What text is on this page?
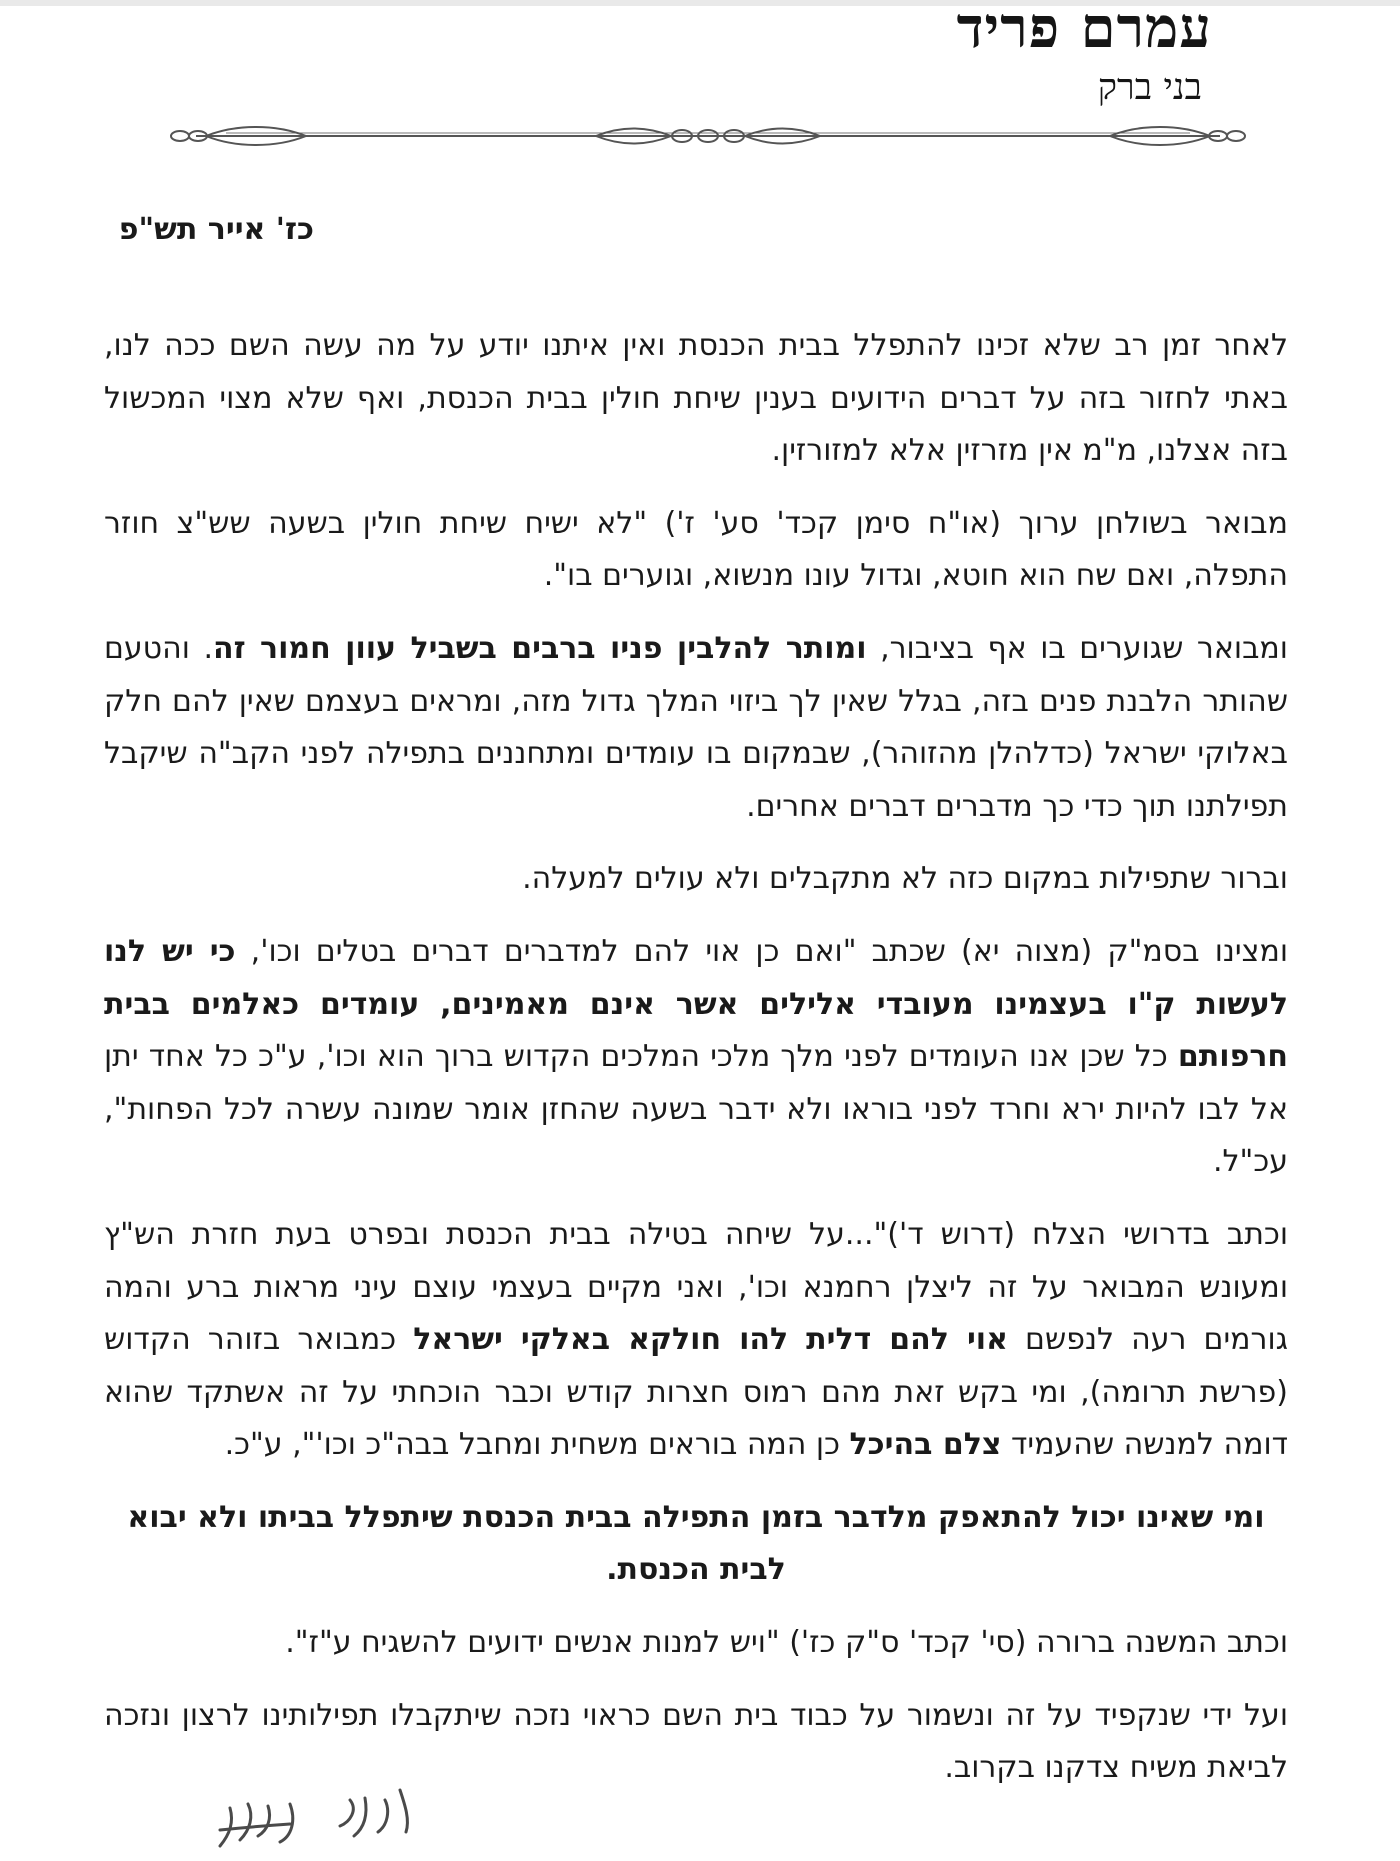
עמרם פריד
בני ברק
כז' אייר תש"פ

לאחר זמן רב שלא זכינו להתפלל בבית הכנסת ואין איתנו יודע על מה עשה השם ככה לנו, באתי לחזור בזה על דברים הידועים בענין שיחת חולין בבית הכנסת, ואף שלא מצוי המכשול בזה אצלנו, מ"מ אין מזרזין אלא למזורזין.

מבואר בשולחן ערוך (או"ח סימן קכד' סע' ז') "לא ישיח שיחת חולין בשעה שש"צ חוזר התפלה, ואם שח הוא חוטא, וגדול עונו מנשוא, וגוערים בו".

ומבואר שגוערים בו אף בציבור, ומותר להלבין פניו ברבים בשביל עוון חמור זה. והטעם שהותר הלבנת פנים בזה, בגלל שאין לך ביזוי המלך גדול מזה, ומראים בעצמם שאין להם חלק באלוקי ישראל (כדלהלן מהזוהר), שבמקום בו עומדים ומתחננים בתפילה לפני הקב"ה שיקבל תפילתנו תוך כדי כך מדברים דברים אחרים.

וברור שתפילות במקום כזה לא מתקבלים ולא עולים למעלה.

ומצינו בסמ"ק (מצוה יא) שכתב "ואם כן אוי להם למדברים דברים בטלים וכו', כי יש לנו לעשות ק"ו בעצמינו מעובדי אלילים אשר אינם מאמינים, עומדים כאלמים בבית חרפותם כל שכן אנו העומדים לפני מלך מלכי המלכים הקדוש ברוך הוא וכו', ע"כ כל אחד יתן אל לבו להיות ירא וחרד לפני בוראו ולא ידבר בשעה שהחזן אומר שמונה עשרה לכל הפחות", עכ"ל.

וכתב בדרושי הצלח (דרוש ד')"...על שיחה בטילה בבית הכנסת ובפרט בעת חזרת הש"ץ ומעונש המבואר על זה ליצלן רחמנא וכו', ואני מקיים בעצמי עוצם עיני מראות ברע והמה גורמים רעה לנפשם אוי להם דלית להו חולקא באלקי ישראל כמבואר בזוהר הקדוש (פרשת תרומה), ומי בקש זאת מהם רמוס חצרות קודש וכבר הוכחתי על זה אשתקד שהוא דומה למנשה שהעמיד צלם בהיכל כן המה בוראים משחית ומחבל בבה"כ וכו'", ע"כ.

ומי שאינו יכול להתאפק מלדבר בזמן התפילה בבית הכנסת שיתפלל בביתו ולא יבוא לבית הכנסת.

וכתב המשנה ברורה (סי' קכד' ס"ק כז') "ויש למנות אנשים ידועים להשגיח ע"ז".

ועל ידי שנקפיד על זה ונשמור על כבוד בית השם כראוי נזכה שיתקבלו תפילותינו לרצון ונזכה לביאת משיח צדקנו בקרוב.
